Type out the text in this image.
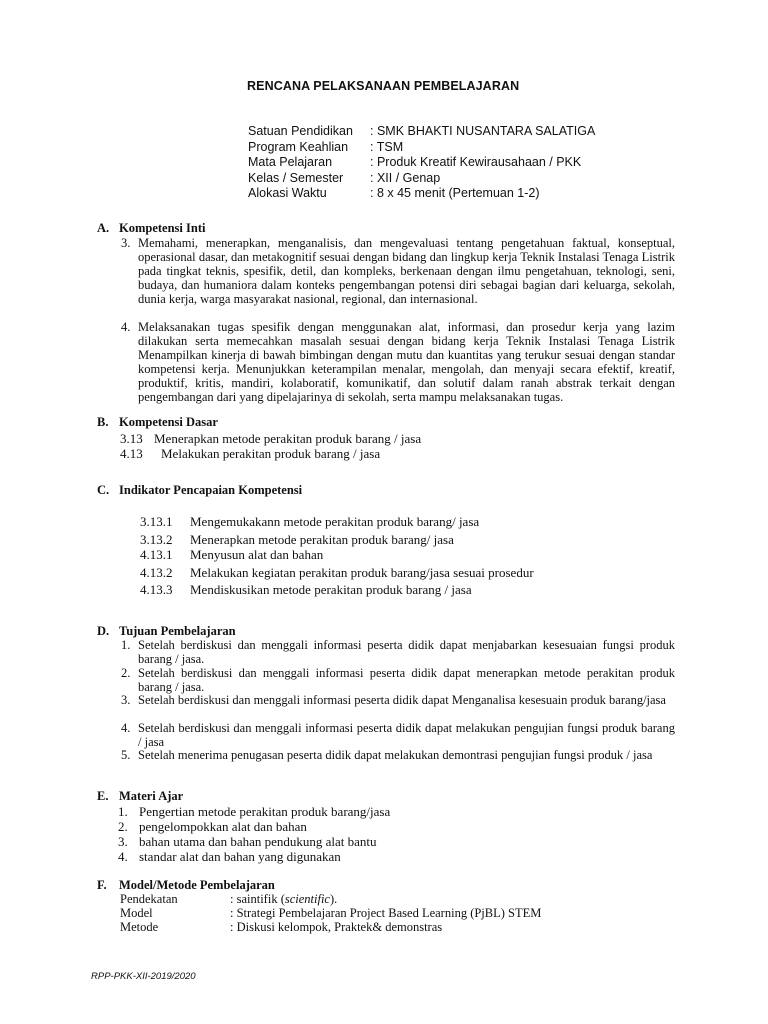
RENCANA PELAKSANAAN PEMBELAJARAN
Satuan Pendidikan : SMK BHAKTI NUSANTARA SALATIGA
Program Keahlian : TSM
Mata Pelajaran	: Produk Kreatif Kewirausahaan / PKK
Kelas / Semester : XII / Genap
Alokasi Waktu	: 8 x 45 menit (Pertemuan 1-2)
A. Kompetensi Inti
3. Memahami, menerapkan, menganalisis, dan mengevaluasi tentang pengetahuan faktual, konseptual, operasional dasar, dan metakognitif sesuai dengan bidang dan lingkup kerja Teknik Instalasi Tenaga Listrik pada tingkat teknis, spesifik, detil, dan kompleks, berkenaan dengan ilmu pengetahuan, teknologi, seni, budaya, dan humaniora dalam konteks pengembangan potensi diri sebagai bagian dari keluarga, sekolah, dunia kerja, warga masyarakat nasional, regional, dan internasional.
4. Melaksanakan tugas spesifik dengan menggunakan alat, informasi, dan prosedur kerja yang lazim dilakukan serta memecahkan masalah sesuai dengan bidang kerja Teknik Instalasi Tenaga Listrik Menampilkan kinerja di bawah bimbingan dengan mutu dan kuantitas yang terukur sesuai dengan standar kompetensi kerja. Menunjukkan keterampilan menalar, mengolah, dan menyaji secara efektif, kreatif, produktif, kritis, mandiri, kolaboratif, komunikatif, dan solutif dalam ranah abstrak terkait dengan pengembangan dari yang dipelajarinya di sekolah, serta mampu melaksanakan tugas.
B. Kompetensi Dasar
3.13 Menerapkan metode perakitan produk barang / jasa
4.13 Melakukan perakitan produk barang / jasa
C. Indikator Pencapaian Kompetensi
3.13.1 Mengemukakann metode perakitan produk barang/ jasa
3.13.2 Menerapkan metode perakitan produk barang/ jasa
4.13.1 Menyusun alat dan bahan
4.13.2 Melakukan kegiatan perakitan produk barang/jasa sesuai prosedur
4.13.3 Mendiskusikan metode perakitan produk barang / jasa
D. Tujuan Pembelajaran
1. Setelah berdiskusi dan menggali informasi peserta didik dapat menjabarkan kesesuaian fungsi produk barang / jasa.
2. Setelah berdiskusi dan menggali informasi peserta didik dapat menerapkan metode perakitan produk barang / jasa.
3. Setelah berdiskusi dan menggali informasi peserta didik dapat Menganalisa kesesuain produk barang/jasa
4. Setelah berdiskusi dan menggali informasi peserta didik dapat melakukan pengujian fungsi produk barang / jasa
5. Setelah menerima penugasan peserta didik dapat melakukan demontrasi pengujian fungsi produk / jasa
E. Materi Ajar
1. Pengertian metode perakitan produk barang/jasa
2. pengelompokkan alat dan bahan
3. bahan utama dan bahan pendukung alat bantu
4. standar alat dan bahan yang digunakan
F. Model/Metode Pembelajaran
Pendekatan	: saintifik (scientific).
Model	: Strategi Pembelajaran Project Based Learning (PjBL) STEM
Metode	: Diskusi kelompok, Praktek& demonstras
RPP-PKK-XII-2019/2020
